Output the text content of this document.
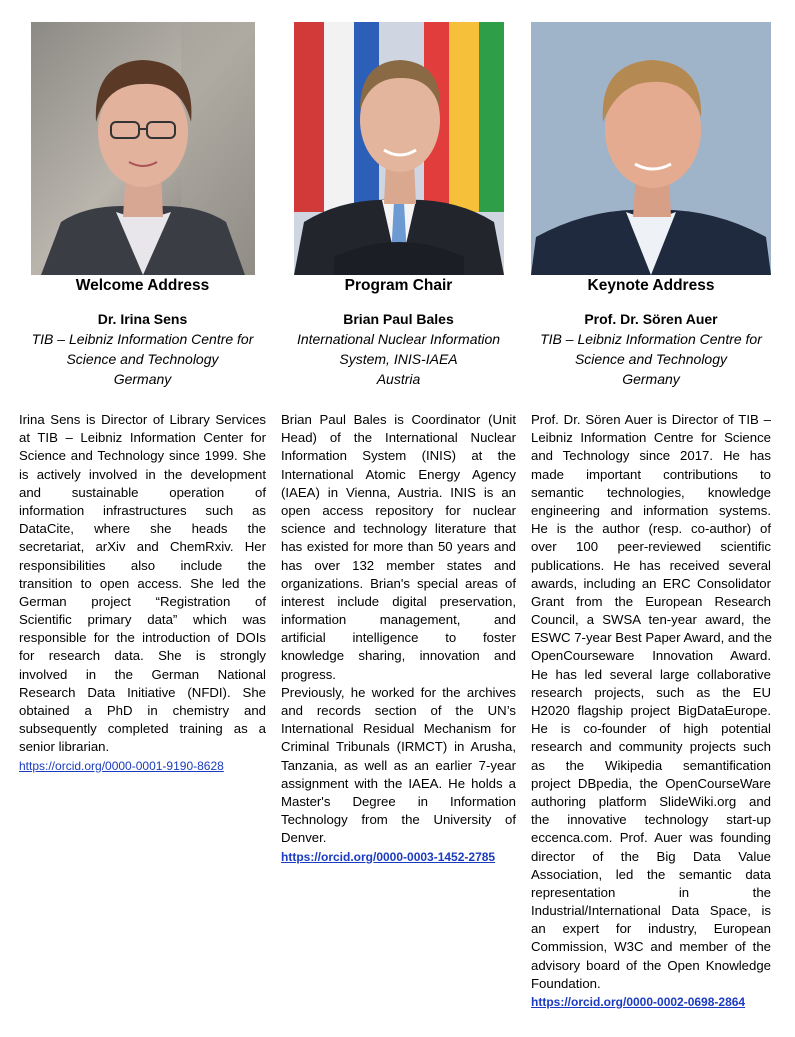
Welcome Address
Dr. Irina Sens
TIB – Leibniz Information Centre for
Science and Technology
Germany
Irina Sens is Director of Library Services
at TIB – Leibniz Information Center for
Science and Technology since 1999. She
is actively involved in the development
and sustainable operation of
information infrastructures such as
DataCite, where she heads the
secretariat, arXiv and ChemRxiv. Her
responsibilities also include the
transition to open access. She led the
German project “Registration of
Scientific primary data” which was
responsible for the introduction of DOIs
for research data. She is strongly
involved in the German National
Research Data Initiative (NFDI). She
obtained a PhD in chemistry and
subsequently completed training as a
senior librarian.
https://orcid.org/0000-0001-9190-8628
Program Chair
Brian Paul Bales
International Nuclear Information
System, INIS-IAEA
Austria
Brian Paul Bales is Coordinator (Unit
Head) of the International Nuclear
Information System (INIS) at the
International Atomic Energy Agency
(IAEA) in Vienna, Austria. INIS is an
open access repository for nuclear
science and technology literature that
has existed for more than 50 years and
has over 132 member states and
organizations. Brian's special areas of
interest include digital preservation,
information management, and
artificial intelligence to foster
knowledge sharing, innovation and
progress.
Previously, he worked for the archives
and records section of the UN’s
International Residual Mechanism for
Criminal Tribunals (IRMCT) in Arusha,
Tanzania, as well as an earlier 7-year
assignment with the IAEA. He holds a
Master's Degree in Information
Technology from the University of
Denver.
https://orcid.org/0000-0003-1452-2785
Keynote Address
Prof. Dr. Sören Auer
TIB – Leibniz Information Centre for
Science and Technology
Germany
Prof. Dr. Sören Auer is Director of TIB –
Leibniz Information Centre for Science
and Technology since 2017. He has
made important contributions to
semantic technologies, knowledge
engineering and information systems.
He is the author (resp. co-author) of
over 100 peer-reviewed scientific
publications. He has received several
awards, including an ERC Consolidator
Grant from the European Research
Council, a SWSA ten-year award, the
ESWC 7-year Best Paper Award, and the
OpenCourseware Innovation Award.
He has led several large collaborative
research projects, such as the EU
H2020 flagship project BigDataEurope.
He is co-founder of high potential
research and community projects such
as the Wikipedia semantification
project DBpedia, the OpenCourseWare
authoring platform SlideWiki.org and
the innovative technology start-up
eccenca.com. Prof. Auer was founding
director of the Big Data Value
Association, led the semantic data
representation in the
Industrial/International Data Space, is
an expert for industry, European
Commission, W3C and member of the
advisory board of the Open Knowledge
Foundation.
https://orcid.org/0000-0002-0698-2864
